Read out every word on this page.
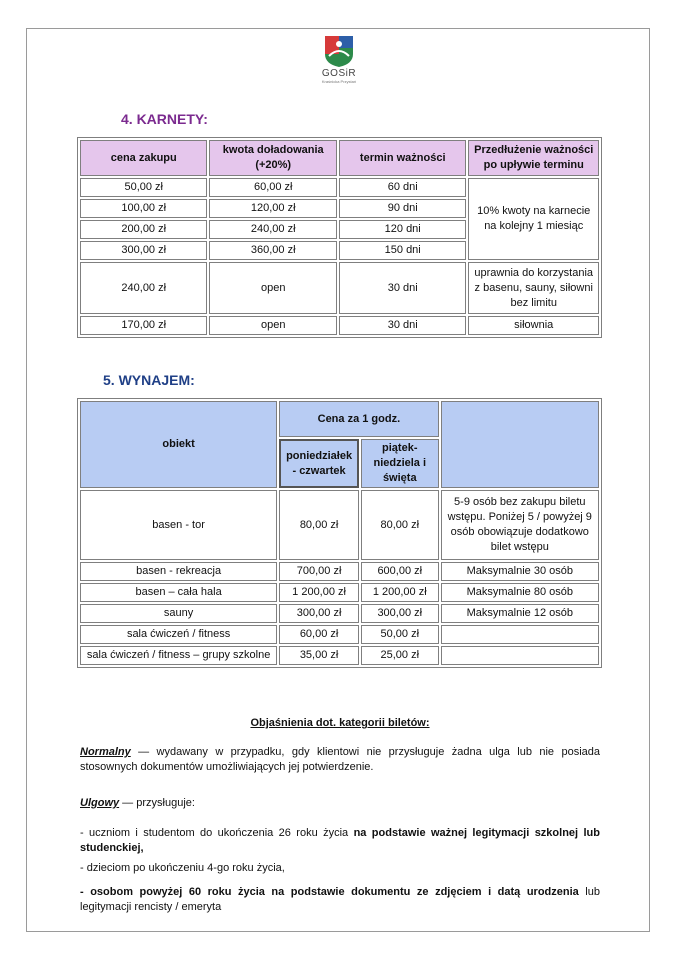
GOSiR
Kraśnicka Przystań
4. KARNETY:
cena zakupu	kwota doładowania (+20%)	termin ważności	Przedłużenie ważności po upływie terminu
50,00 zł	60,00 zł	60 dni	10% kwoty na karnecie na kolejny 1 miesiąc
100,00 zł	120,00 zł	90 dni	
200,00 zł	240,00 zł	120 dni	
300,00 zł	360,00 zł	150 dni	
240,00 zł	open	30 dni	uprawnia do korzystania z basenu, sauny, siłowni bez limitu
170,00 zł	open	30 dni	siłownia
5. WYNAJEM:
obiekt	Cena za 1 godz.		
	poniedziałek - czwartek	piątek-niedziela i święta	
basen - tor	80,00 zł	80,00 zł	5-9 osób bez zakupu biletu wstępu. Poniżej 5 / powyżej 9 osób obowiązuje dodatkowo bilet wstępu
basen - rekreacja	700,00 zł	600,00 zł	Maksymalnie 30 osób
basen – cała hala	1 200,00 zł	1 200,00 zł	Maksymalnie 80 osób
sauny	300,00 zł	300,00 zł	Maksymalnie 12 osób
sala ćwiczeń / fitness	60,00 zł	50,00 zł	
sala ćwiczeń / fitness – grupy szkolne	35,00 zł	25,00 zł	
Objaśnienia dot. kategorii biletów:
Normalny — wydawany w przypadku, gdy klientowi nie przysługuje żadna ulga lub nie posiada stosownych dokumentów umożliwiających jej potwierdzenie.
Ulgowy — przysługuje:
- uczniom i studentom do ukończenia 26 roku życia na podstawie ważnej legitymacji szkolnej lub studenckiej,
- dzieciom po ukończeniu 4-go roku życia,
- osobom powyżej 60 roku życia na podstawie dokumentu ze zdjęciem i datą urodzenia lub legitymacji rencisty / emeryta
